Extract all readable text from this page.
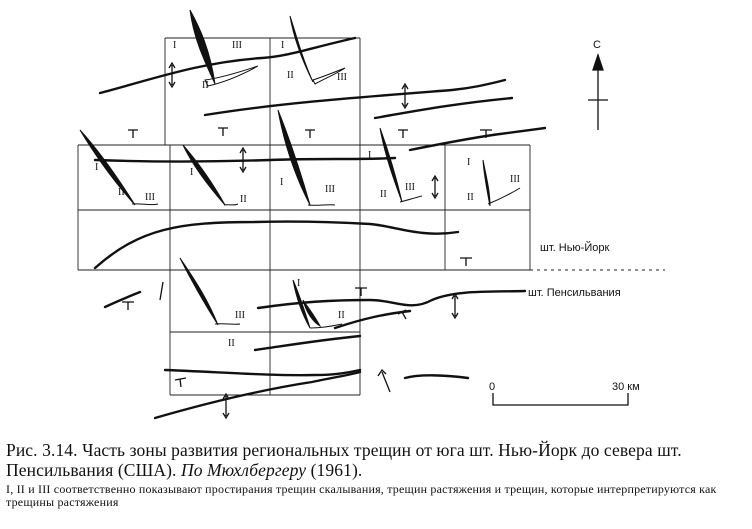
I	III
II
I
II	III
I
II III
I
II
I
III
I
III
II
I
II
III
III
II
I
II
С
шт. Нью-Йорк
шт. Пенсильвания
0	30 км

Рис. 3.14. Часть зоны развития региональных трещин от юга шт. Нью-Йорк до севера шт. Пенсильвания (США). По Мюхлбергеру (1961).

I, II и III соответственно показывают простирания трещин скалывания, трещин растяжения и трещин, которые интерпретируются как трещины растяжения
